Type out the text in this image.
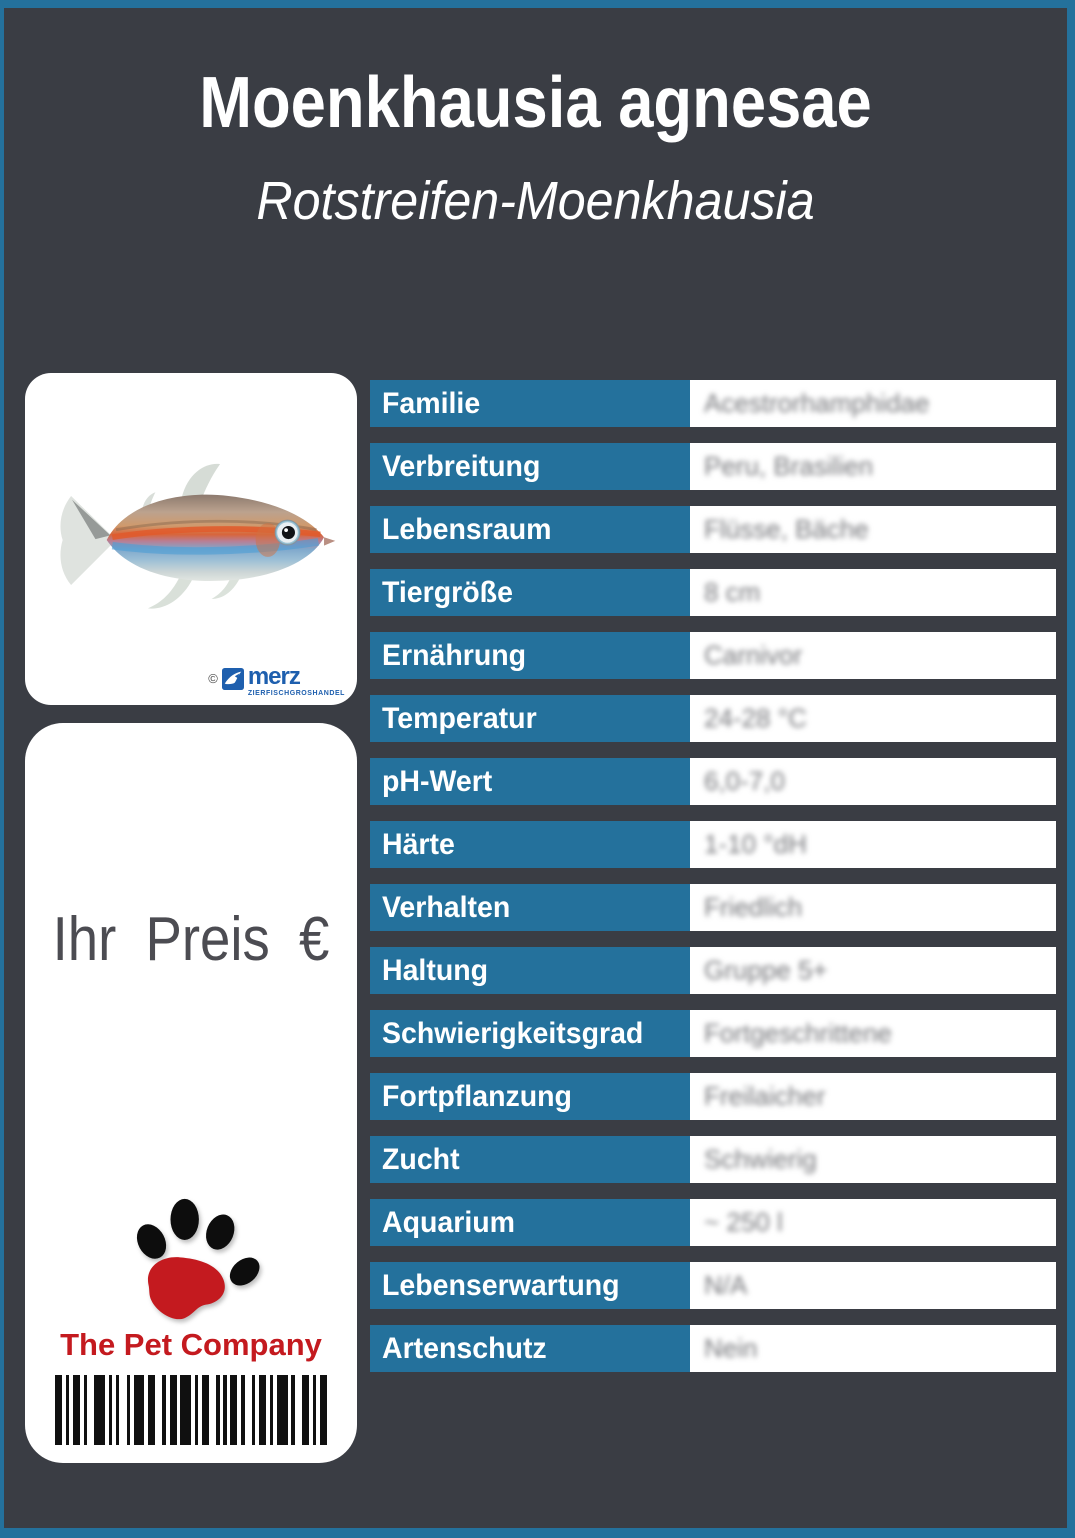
Moenkhausia agnesae
Rotstreifen-Moenkhausia
© merz
ZIERFISCHGROSHANDEL
Ihr Preis €
The Pet Company
Familie	Acestrorhamphidae
Verbreitung	Peru, Brasilien
Lebensraum	Flüsse, Bäche
Tiergröße	8 cm
Ernährung	Carnivor
Temperatur	24-28 °C
pH-Wert	6,0-7,0
Härte	1-10 °dH
Verhalten	Friedlich
Haltung	Gruppe 5+
Schwierigkeitsgrad Fortgeschrittene
Fortpflanzung	Freilaicher
Zucht	Schwierig
Aquarium	~ 250 l
Lebenserwartung	N/A
Artenschutz	Nein
